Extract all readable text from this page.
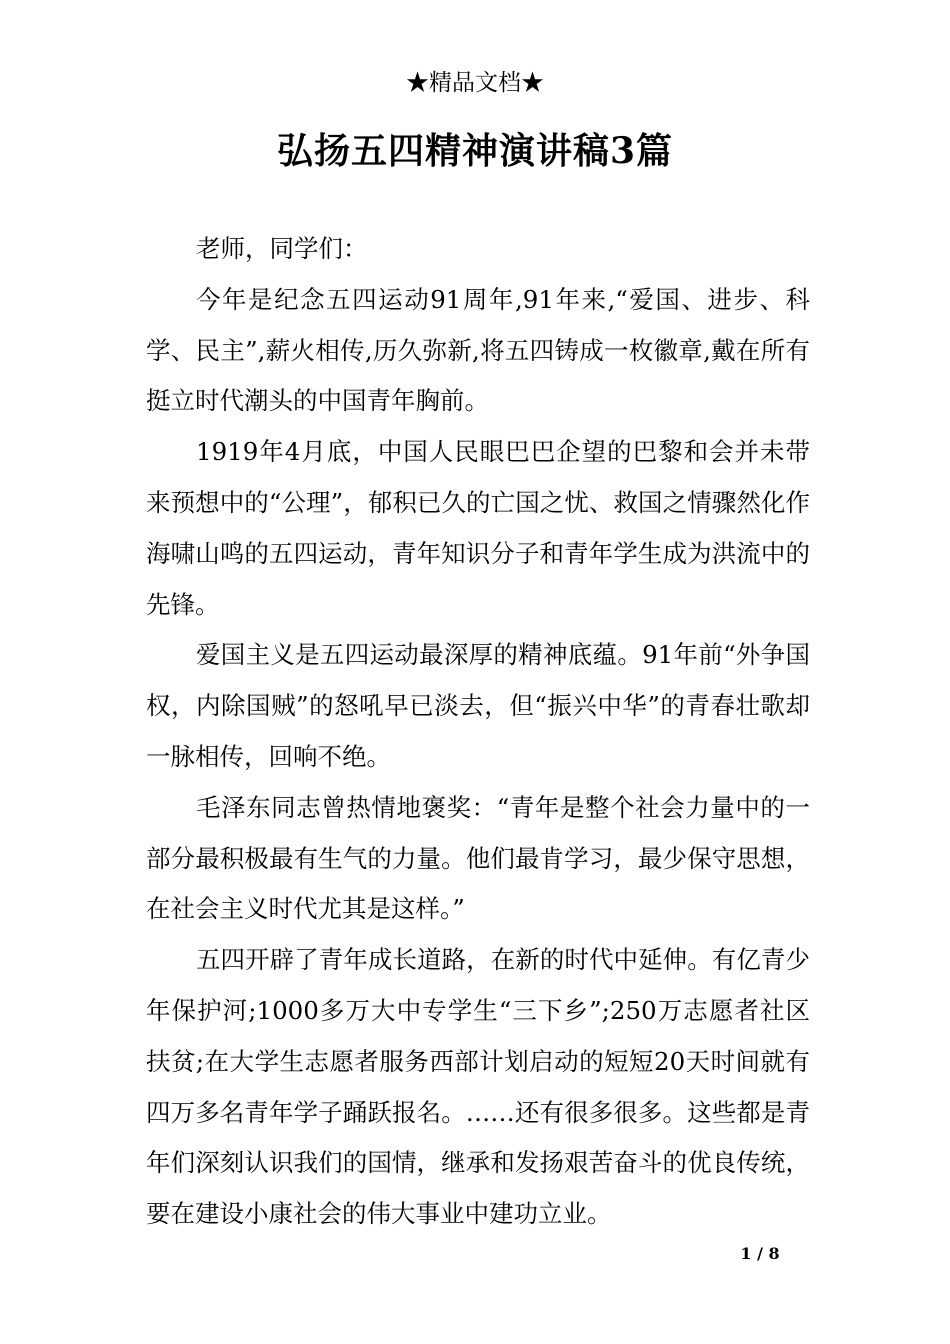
★精品文档★
弘扬五四精神演讲稿3篇

老师，同学们：

今年是纪念五四运动91周年,91年来,“爱国、进步、科学、民主”,薪火相传,历久弥新,将五四铸成一枚徽章,戴在所有挺立时代潮头的中国青年胸前。

1919年4月底，中国人民眼巴巴企望的巴黎和会并未带来预想中的“公理”，郁积已久的亡国之忧、救国之情骤然化作海啸山鸣的五四运动，青年知识分子和青年学生成为洪流中的先锋。

爱国主义是五四运动最深厚的精神底蕴。91年前“外争国权，内除国贼”的怒吼早已淡去，但“振兴中华”的青春壮歌却一脉相传，回响不绝。

毛泽东同志曾热情地褒奖：“青年是整个社会力量中的一部分最积极最有生气的力量。他们最肯学习，最少保守思想，在社会主义时代尤其是这样。”

五四开辟了青年成长道路，在新的时代中延伸。有亿青少年保护河;1000多万大中专学生“三下乡”;250万志愿者社区扶贫;在大学生志愿者服务西部计划启动的短短20天时间就有四万多名青年学子踊跃报名。……还有很多很多。这些都是青年们深刻认识我们的国情，继承和发扬艰苦奋斗的优良传统，要在建设小康社会的伟大事业中建功立业。

1 / 8
